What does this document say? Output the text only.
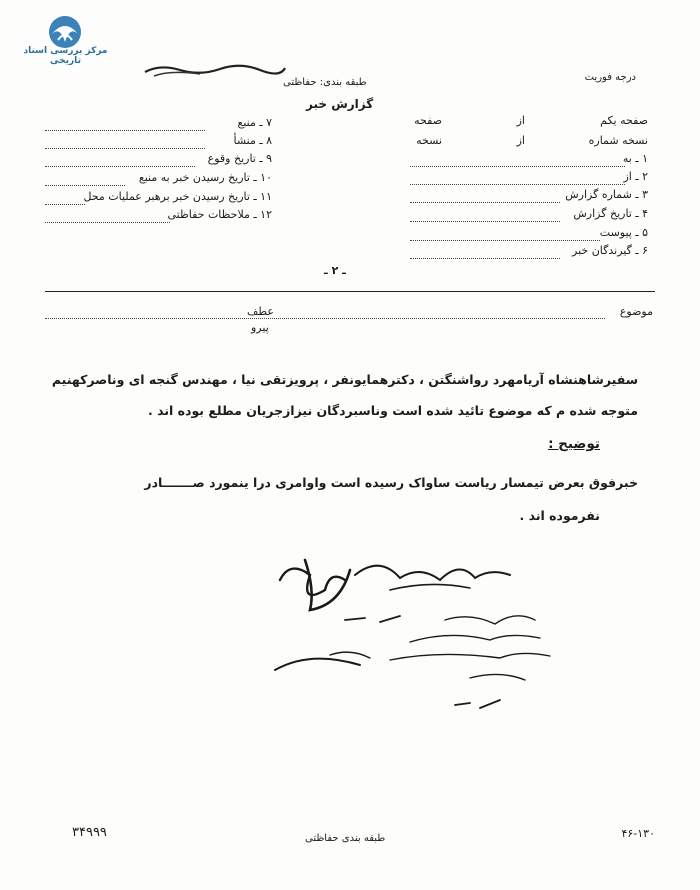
مرکز بررسی اسناد تاریخی
طبقه بندی: حفاظتی	درجه فوریت
گزارش خبر
صفحه یکم
از
صفحه
نسخه شماره
از
نسخه
۱ ـ به
۲ ـ از
۳ ـ شماره گزارش
۴ ـ تاریخ گزارش
۵ ـ پیوست
۶ ـ گیرندگان خبر
۷ ـ منبع
۸ ـ منشأ
۹ ـ تاریخ وقوع
۱۰ ـ تاریخ رسیدن خبر به منبع
۱۱ ـ تاریخ رسیدن خبر برهبر عملیات محل
۱۲ ـ ملاحظات حفاظتی
ـ ۲ ـ
موضوع
عطف
پیرو
سفیرشاهنشاه آریامهرد رواشنگتن ، دکترهمایونفر ، پرویزتقی نیا ، مهندس گنجه ای وناصرکهنیم
متوجه شده م که موضوع تائید شده است وناسبردگان نیزازجریان مطلع بوده اند .
توضیح :
خبرفوق بعرض تیمسار ریاست ساواک رسیده است واوامری درا ینمورد صـــــــادر
نفرموده اند .
طبقه بندی حفاظتی
۳۴۹۹۹	۴۶-۱۳۰
